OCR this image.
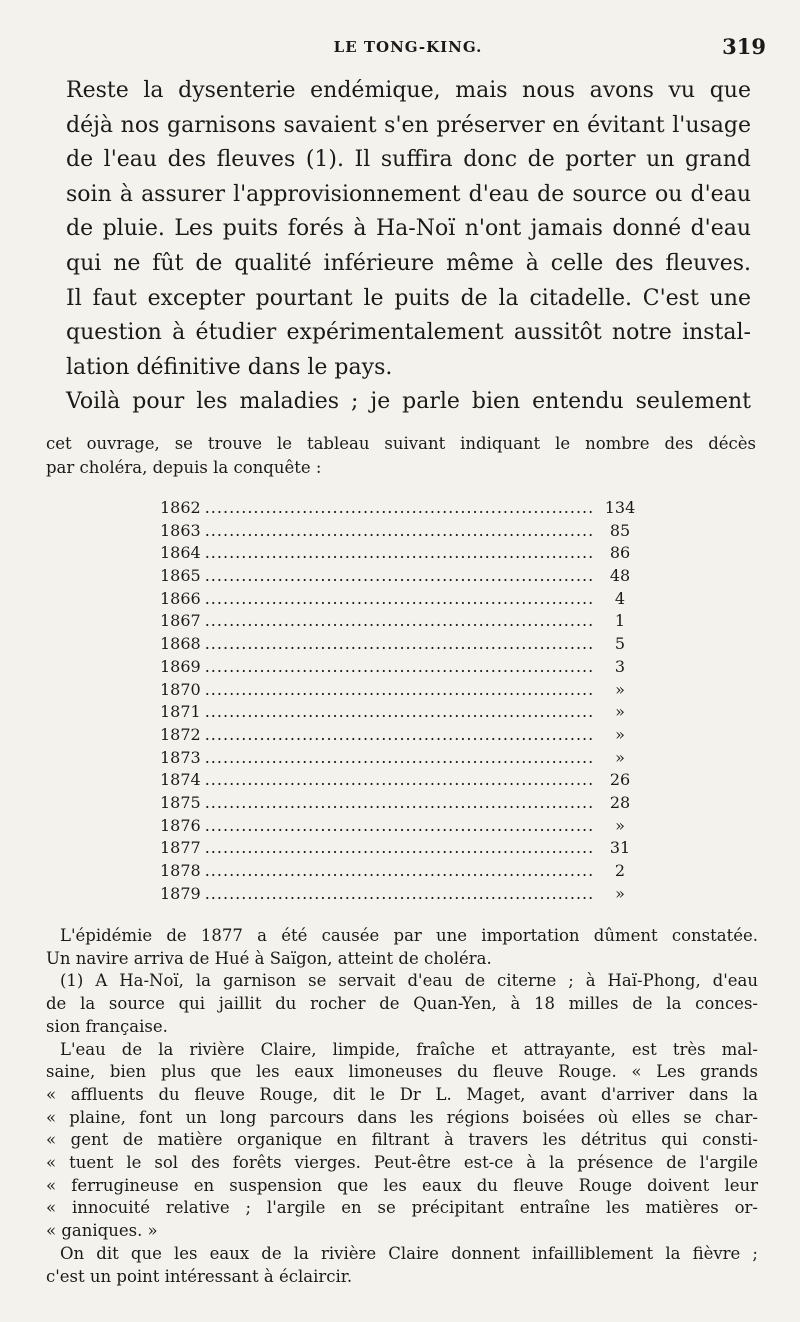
LE TONG-KING.	319
Reste la dysenterie endémique, mais nous avons vu que
déjà nos garnisons savaient s'en préserver en évitant l'usage
de l'eau des fleuves (1). Il suffira donc de porter un grand
soin à assurer l'approvisionnement d'eau de source ou d'eau
de pluie. Les puits forés à Ha-Noï n'ont jamais donné d'eau
qui ne fût de qualité inférieure même à celle des fleuves.
Il faut excepter pourtant le puits de la citadelle. C'est une
question à étudier expérimentalement aussitôt notre instal-
lation définitive dans le pays.
Voilà pour les maladies ; je parle bien entendu seulement
cet ouvrage, se trouve le tableau suivant indiquant le nombre des décès
par choléra, depuis la conquête :
1862 .....	134
1863 .....	85
1864 .....	86
1865 .....	48
1866 .....	4
1867 .....	1
1868 .....	5
1869 .....	3
1870 .....	»
1871 .....	»
1872 .....	»
1873 .....	»
1874 .....	26
1875 .....	28
1876 .....	»
1877 .....	31
1878 .....	2
1879 .....	»
L'épidémie de 1877 a été causée par une importation dûment constatée.
Un navire arriva de Hué à Saïgon, atteint de choléra.
(1) A Ha-Noï, la garnison se servait d'eau de citerne ; à Haï-Phong, d'eau
de la source qui jaillit du rocher de Quan-Yen, à 18 milles de la conces-
sion française.
L'eau de la rivière Claire, limpide, fraîche et attrayante, est très mal-
saine, bien plus que les eaux limoneuses du fleuve Rouge. « Les grands
« affluents du fleuve Rouge, dit le Dr L. Maget, avant d'arriver dans la
« plaine, font un long parcours dans les régions boisées où elles se char-
« gent de matière organique en filtrant à travers les détritus qui consti-
« tuent le sol des forêts vierges. Peut-être est-ce à la présence de l'argile
« ferrugineuse en suspension que les eaux du fleuve Rouge doivent leur
« innocuité relative ; l'argile en se précipitant entraîne les matières or-
« ganiques. »
On dit que les eaux de la rivière Claire donnent infailliblement la fièvre ;
c'est un point intéressant à éclaircir.
